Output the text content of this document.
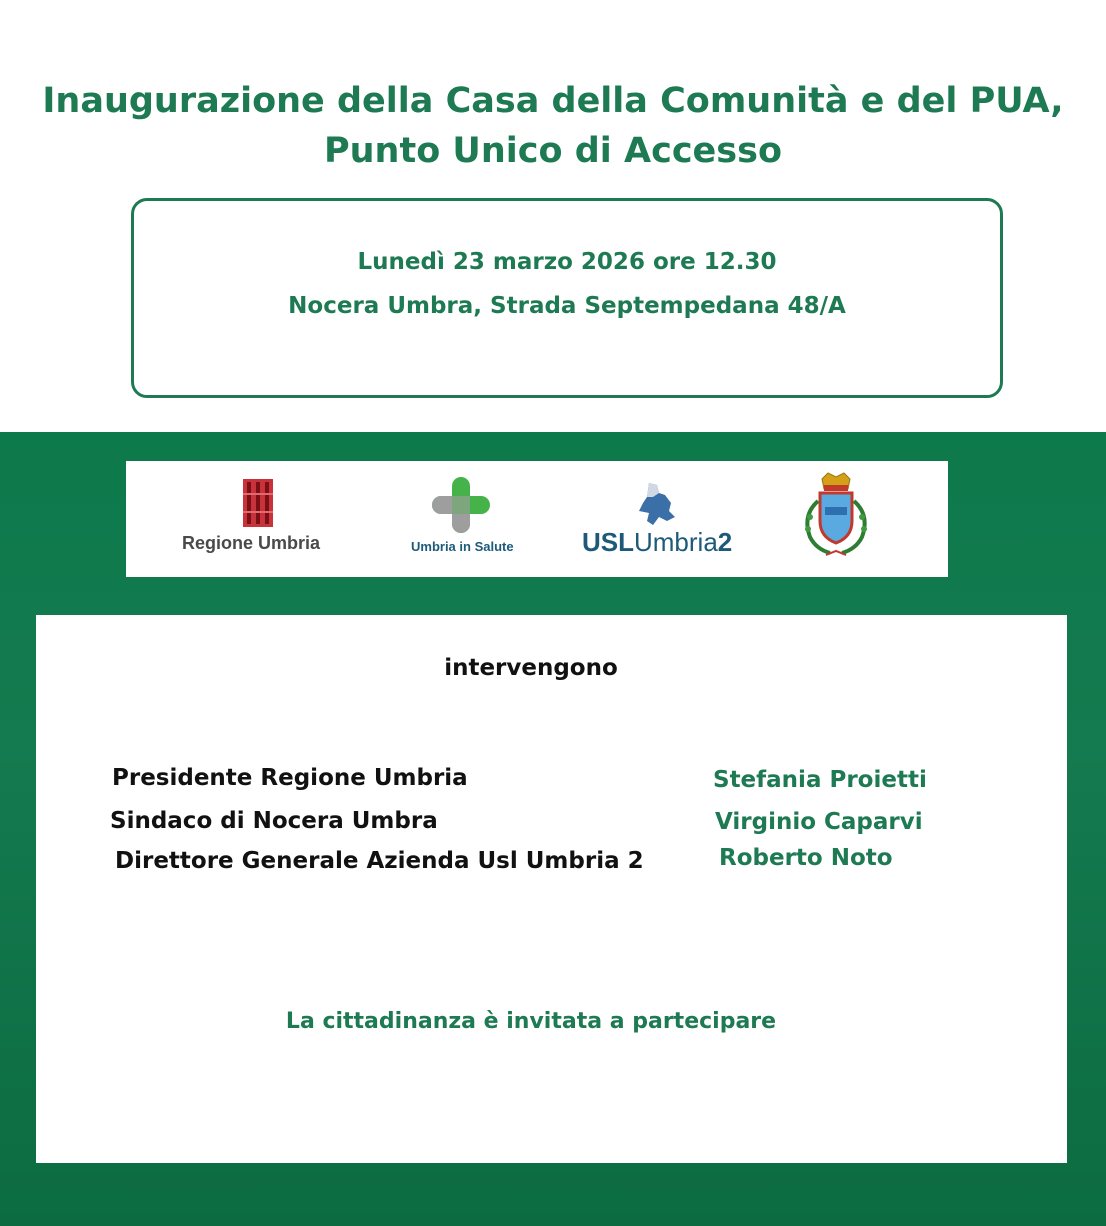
Inaugurazione della Casa della Comunità e del PUA,
Punto Unico di Accesso
Lunedì 23 marzo 2026 ore 12.30
Nocera Umbra, Strada Septempedana 48/A
Regione Umbria	Umbria in Salute	USLUmbria2
intervengono
Presidente Regione Umbria	Stefania Proietti
Sindaco di Nocera Umbra	Virginio Caparvi
Direttore Generale Azienda Usl Umbria 2	Roberto Noto
La cittadinanza è invitata a partecipare
